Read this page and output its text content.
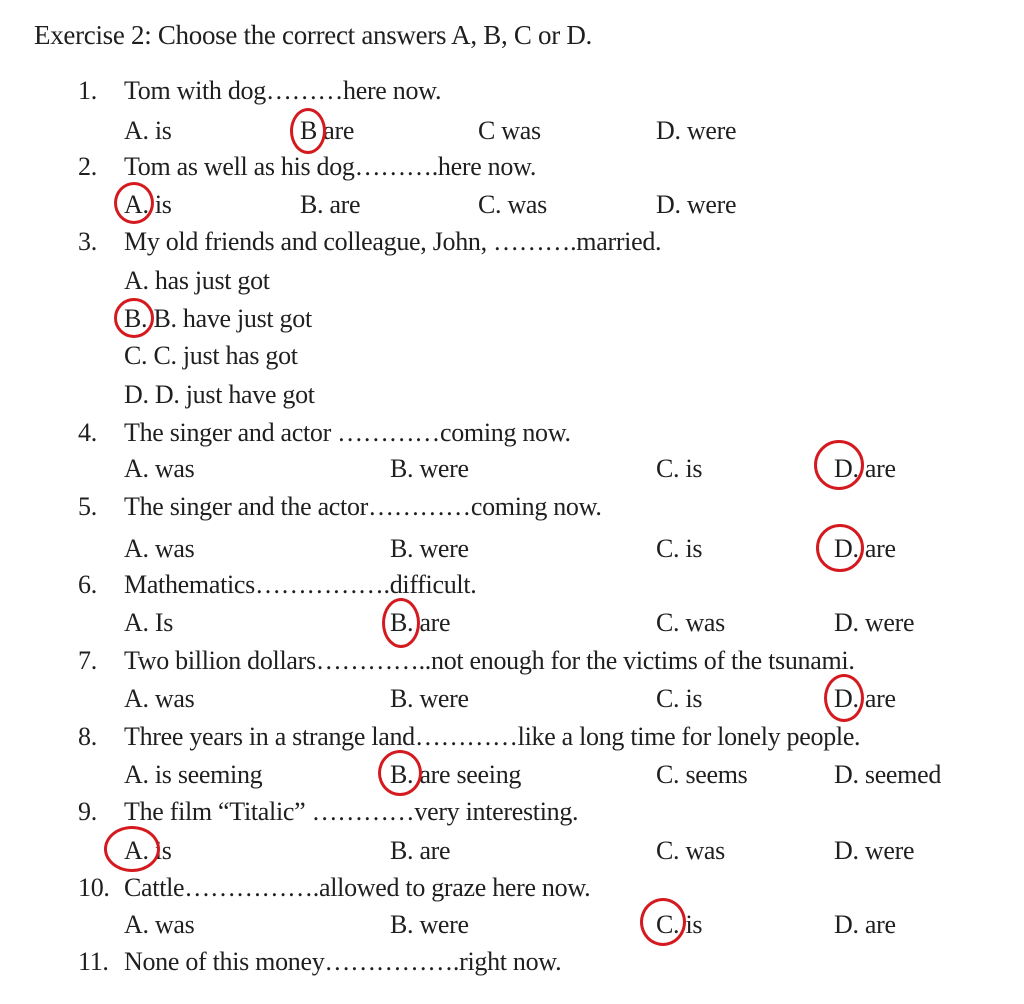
Exercise 2: Choose the correct answers A, B, C or D.
1. Tom with dog………here now.
A. is	B are	C was	D. were
2. Tom as well as his dog……….here now.
A. is	B. are	C. was	D. were
3. My old friends and colleague, John, ……….married.
A. has just got
B. B. have just got
C. C. just has got
D. D. just have got
4. The singer and actor …………coming now.
A. was	B. were	C. is	D. are
5. The singer and the actor…………coming now.
A. was	B. were	C. is	D. are
6. Mathematics…………….difficult.
A. Is	B. are	C. was	D. were
7. Two billion dollars…………..not enough for the victims of the tsunami.
A. was	B. were	C. is	D. are
8. Three years in a strange land…………like a long time for lonely people.
A. is seeming	B. are seeing	C. seems	D. seemed
9. The film “Titalic” …………very interesting.
A. is	B. are	C. was	D. were
10. Cattle…………….allowed to graze here now.
A. was	B. were	C. is	D. are
11. None of this money…………….right now.
